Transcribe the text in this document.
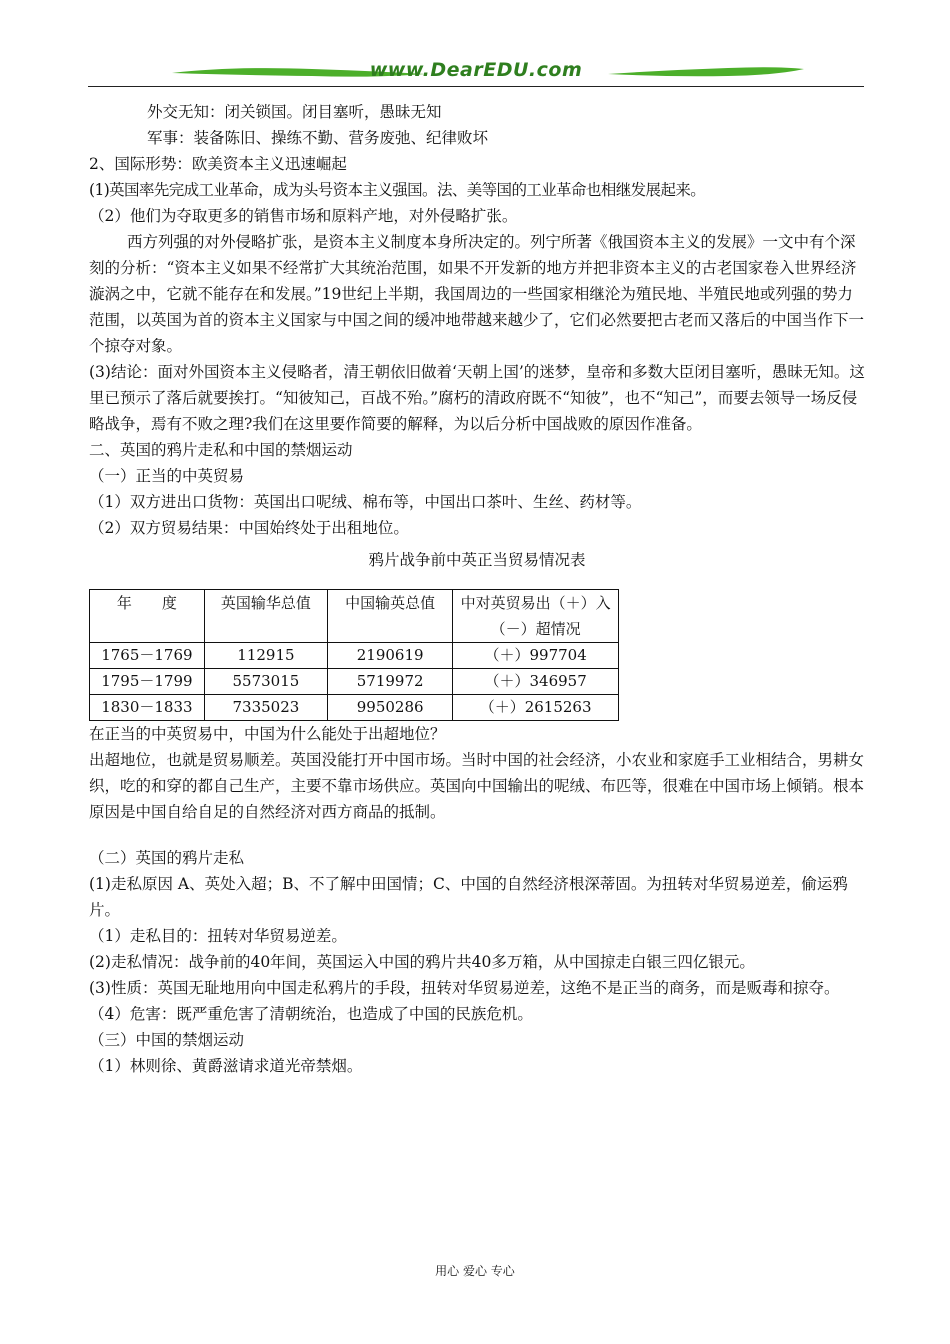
www.DearEDU.com

外交无知：闭关锁国。闭目塞听，愚昧无知

军事：装备陈旧、操练不勤、营务废弛、纪律败坏

2、国际形势：欧美资本主义迅速崛起

(1)英国率先完成工业革命，成为头号资本主义强国。法、美等国的工业革命也相继发展起来。

（2）他们为夺取更多的销售市场和原料产地，对外侵略扩张。

西方列强的对外侵略扩张，是资本主义制度本身所决定的。列宁所著《俄国资本主义的发展》一文中有个深刻的分析：“资本主义如果不经常扩大其统治范围，如果不开发新的地方并把非资本主义的古老国家卷入世界经济漩涡之中，它就不能存在和发展。”19世纪上半期，我国周边的一些国家相继沦为殖民地、半殖民地或列强的势力范围，以英国为首的资本主义国家与中国之间的缓冲地带越来越少了，它们必然要把古老而又落后的中国当作下一个掠夺对象。

(3)结论：面对外国资本主义侵略者，清王朝依旧做着‘天朝上国’的迷梦，皇帝和多数大臣闭目塞听，愚昧无知。这里已预示了落后就要挨打。“知彼知己，百战不殆。”腐朽的清政府既不“知彼”，也不“知己”，而要去领导一场反侵略战争，焉有不败之理?我们在这里要作简要的解释，为以后分析中国战败的原因作准备。

二、英国的鸦片走私和中国的禁烟运动

（一）正当的中英贸易

（1）双方进出口货物：英国出口呢绒、棉布等，中国出口茶叶、生丝、药材等。

（2）双方贸易结果：中国始终处于出租地位。

鸦片战争前中英正当贸易情况表
年　　度	英国输华总值	中国输英总值	中对英贸易出（＋）入（－）超情况
1765－1769	112915	2190619	（＋）997704
1795－1799	5573015	5719972	（＋）346957
1830－1833	7335023	9950286	（＋）2615263

在正当的中英贸易中，中国为什么能处于出超地位？

出超地位，也就是贸易顺差。英国没能打开中国市场。当时中国的社会经济，小农业和家庭手工业相结合，男耕女织，吃的和穿的都自己生产，主要不靠市场供应。英国向中国输出的呢绒、布匹等，很难在中国市场上倾销。根本原因是中国自给自足的自然经济对西方商品的抵制。

（二）英国的鸦片走私

(1)走私原因 A、英处入超；B、不了解中田国情；C、中国的自然经济根深蒂固。为扭转对华贸易逆差，偷运鸦片。

（1）走私目的：扭转对华贸易逆差。

(2)走私情况：战争前的40年间，英国运入中国的鸦片共40多万箱，从中国掠走白银三四亿银元。

(3)性质：英国无耻地用向中国走私鸦片的手段，扭转对华贸易逆差，这绝不是正当的商务，而是贩毒和掠夺。

（4）危害：既严重危害了清朝统治，也造成了中国的民族危机。

（三）中国的禁烟运动

（1）林则徐、黄爵滋请求道光帝禁烟。

用心 爱心 专心
